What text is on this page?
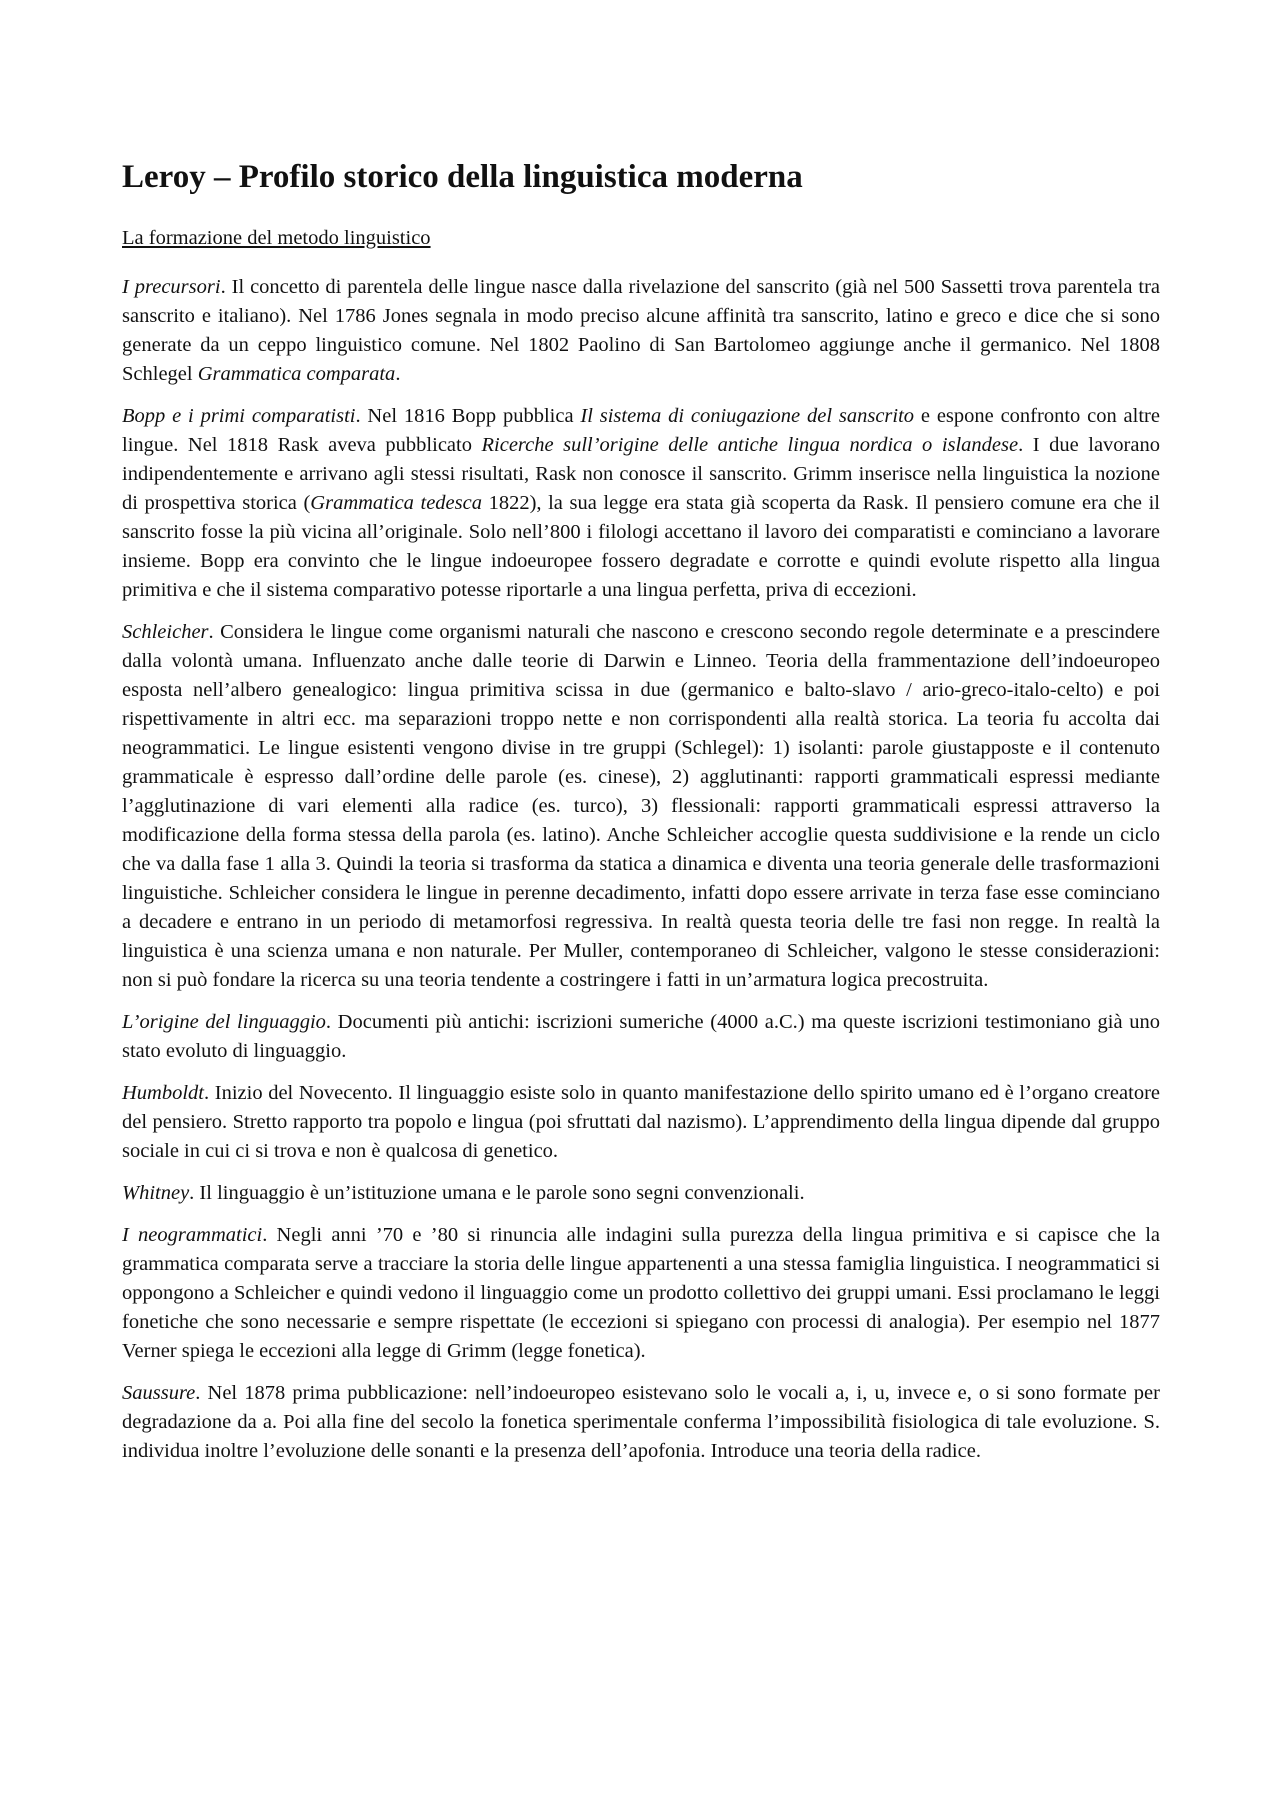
Leroy – Profilo storico della linguistica moderna
La formazione del metodo linguistico

I precursori. Il concetto di parentela delle lingue nasce dalla rivelazione del sanscrito (già nel 500 Sassetti trova parentela tra sanscrito e italiano). Nel 1786 Jones segnala in modo preciso alcune affinità tra sanscrito, latino e greco e dice che si sono generate da un ceppo linguistico comune. Nel 1802 Paolino di San Bartolomeo aggiunge anche il germanico. Nel 1808 Schlegel Grammatica comparata.

Bopp e i primi comparatisti. Nel 1816 Bopp pubblica Il sistema di coniugazione del sanscrito e espone confronto con altre lingue. Nel 1818 Rask aveva pubblicato Ricerche sull’origine delle antiche lingua nordica o islandese. I due lavorano indipendentemente e arrivano agli stessi risultati, Rask non conosce il sanscrito. Grimm inserisce nella linguistica la nozione di prospettiva storica (Grammatica tedesca 1822), la sua legge era stata già scoperta da Rask. Il pensiero comune era che il sanscrito fosse la più vicina all’originale. Solo nell’800 i filologi accettano il lavoro dei comparatisti e cominciano a lavorare insieme. Bopp era convinto che le lingue indoeuropee fossero degradate e corrotte e quindi evolute rispetto alla lingua primitiva e che il sistema comparativo potesse riportarle a una lingua perfetta, priva di eccezioni.

Schleicher. Considera le lingue come organismi naturali che nascono e crescono secondo regole determinate e a prescindere dalla volontà umana. Influenzato anche dalle teorie di Darwin e Linneo. Teoria della frammentazione dell’indoeuropeo esposta nell’albero genealogico: lingua primitiva scissa in due (germanico e balto-slavo / ario-greco-italo-celto) e poi rispettivamente in altri ecc. ma separazioni troppo nette e non corrispondenti alla realtà storica. La teoria fu accolta dai neogrammatici. Le lingue esistenti vengono divise in tre gruppi (Schlegel): 1) isolanti: parole giustapposte e il contenuto grammaticale è espresso dall’ordine delle parole (es. cinese), 2) agglutinanti: rapporti grammaticali espressi mediante l’agglutinazione di vari elementi alla radice (es. turco), 3) flessionali: rapporti grammaticali espressi attraverso la modificazione della forma stessa della parola (es. latino). Anche Schleicher accoglie questa suddivisione e la rende un ciclo che va dalla fase 1 alla 3. Quindi la teoria si trasforma da statica a dinamica e diventa una teoria generale delle trasformazioni linguistiche. Schleicher considera le lingue in perenne decadimento, infatti dopo essere arrivate in terza fase esse cominciano a decadere e entrano in un periodo di metamorfosi regressiva. In realtà questa teoria delle tre fasi non regge. In realtà la linguistica è una scienza umana e non naturale. Per Muller, contemporaneo di Schleicher, valgono le stesse considerazioni: non si può fondare la ricerca su una teoria tendente a costringere i fatti in un’armatura logica precostruita.

L’origine del linguaggio. Documenti più antichi: iscrizioni sumeriche (4000 a.C.) ma queste iscrizioni testimoniano già uno stato evoluto di linguaggio.

Humboldt. Inizio del Novecento. Il linguaggio esiste solo in quanto manifestazione dello spirito umano ed è l’organo creatore del pensiero. Stretto rapporto tra popolo e lingua (poi sfruttati dal nazismo). L’apprendimento della lingua dipende dal gruppo sociale in cui ci si trova e non è qualcosa di genetico.

Whitney. Il linguaggio è un’istituzione umana e le parole sono segni convenzionali.

I neogrammatici. Negli anni ’70 e ’80 si rinuncia alle indagini sulla purezza della lingua primitiva e si capisce che la grammatica comparata serve a tracciare la storia delle lingue appartenenti a una stessa famiglia linguistica. I neogrammatici si oppongono a Schleicher e quindi vedono il linguaggio come un prodotto collettivo dei gruppi umani. Essi proclamano le leggi fonetiche che sono necessarie e sempre rispettate (le eccezioni si spiegano con processi di analogia). Per esempio nel 1877 Verner spiega le eccezioni alla legge di Grimm (legge fonetica).

Saussure. Nel 1878 prima pubblicazione: nell’indoeuropeo esistevano solo le vocali a, i, u, invece e, o si sono formate per degradazione da a. Poi alla fine del secolo la fonetica sperimentale conferma l’impossibilità fisiologica di tale evoluzione. S. individua inoltre l’evoluzione delle sonanti e la presenza dell’apofonia. Introduce una teoria della radice.
